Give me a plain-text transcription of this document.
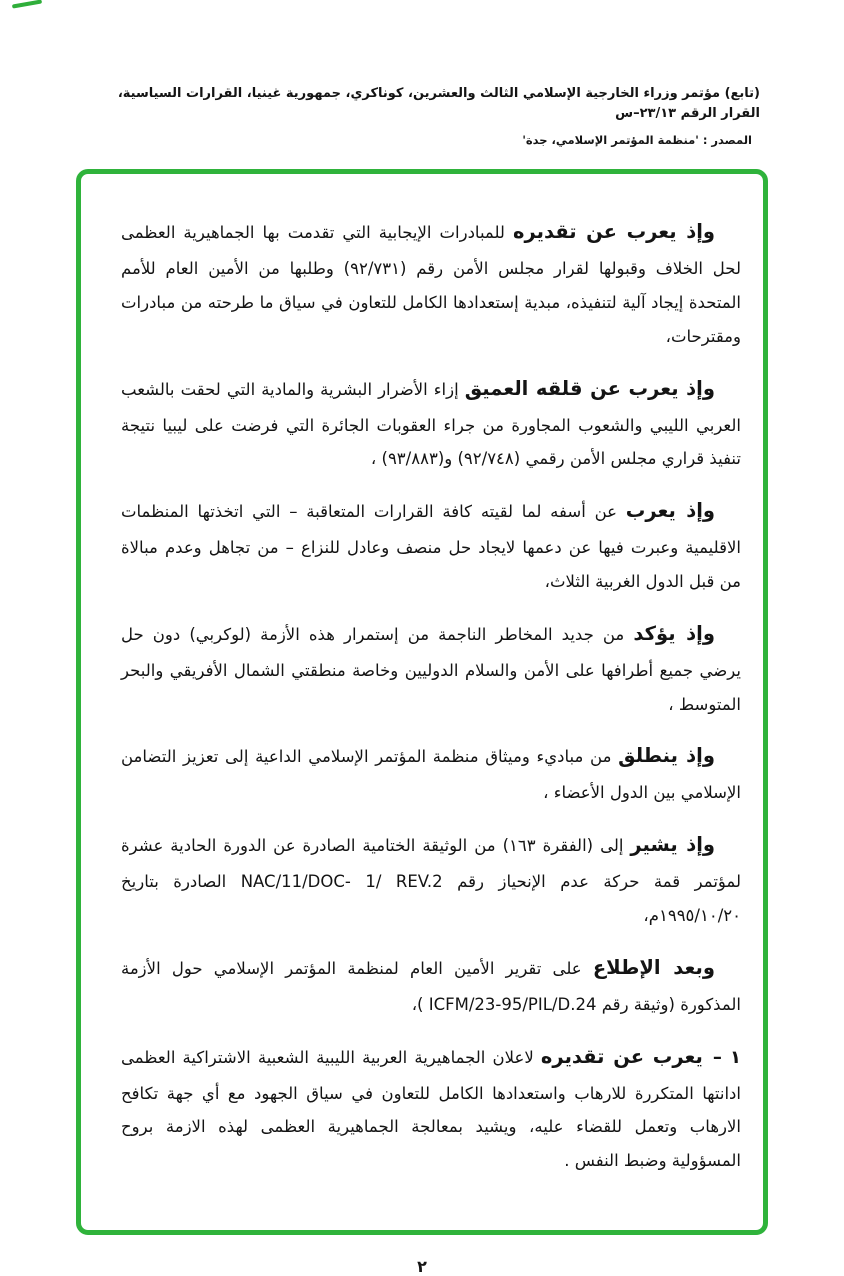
(تابع) مؤتمر وزراء الخارجية الإسلامي الثالث والعشرين، كوناكري، جمهورية غينيا، القرارات السياسية، القرار الرقم ٢٣/١٣–س
المصدر : 'منظمة المؤتمر الإسلامي، جدة'

وإذ يعرب عن تقديره للمبادرات الإيجابية التي تقدمت بها الجماهيرية العظمى لحل الخلاف وقبولها لقرار مجلس الأمن رقم (٩٢/٧٣١) وطلبها من الأمين العام للأمم المتحدة إيجاد آلية لتنفيذه، مبدية إستعدادها الكامل للتعاون في سياق ما طرحته من مبادرات ومقترحات،

وإذ يعرب عن قلقه العميق إزاء الأضرار البشرية والمادية التي لحقت بالشعب العربي الليبي والشعوب المجاورة من جراء العقوبات الجائرة التي فرضت على ليبيا نتيجة تنفيذ قراري مجلس الأمن رقمي (٩٢/٧٤٨) و(٩٣/٨٨٣) ،

وإذ يعرب عن أسفه لما لقيته كافة القرارات المتعاقبة – التي اتخذتها المنظمات الاقليمية وعبرت فيها عن دعمها لايجاد حل منصف وعادل للنزاع – من تجاهل وعدم مبالاة من قبل الدول الغربية الثلاث،

وإذ يؤكد من جديد المخاطر الناجمة من إستمرار هذه الأزمة (لوكربي) دون حل يرضي جميع أطرافها على الأمن والسلام الدوليين وخاصة منطقتي الشمال الأفريقي والبحر المتوسط ،

وإذ ينطلق من مباديء وميثاق منظمة المؤتمر الإسلامي الداعية إلى تعزيز التضامن الإسلامي بين الدول الأعضاء ،

وإذ يشير إلى (الفقرة ١٦٣) من الوثيقة الختامية الصادرة عن الدورة الحادية عشرة لمؤتمر قمة حركة عدم الإنحياز رقم NAC/11/DOC- 1/ REV.2 الصادرة بتاريخ ١٩٩٥/١٠/٢٠م،

وبعد الإطلاع على تقرير الأمين العام لمنظمة المؤتمر الإسلامي حول الأزمة المذكورة (وثيقة رقم ICFM/23-95/PIL/D.24 )،

١ –يعرب عن تقديره لاعلان الجماهيرية العربية الليبية الشعبية الاشتراكية العظمى ادانتها المتكررة للارهاب واستعدادها الكامل للتعاون في سياق الجهود مع أي جهة تكافح الارهاب وتعمل للقضاء عليه، ويشيد بمعالجة الجماهيرية العظمى لهذه الازمة بروح المسؤولية وضبط النفس .

٢
